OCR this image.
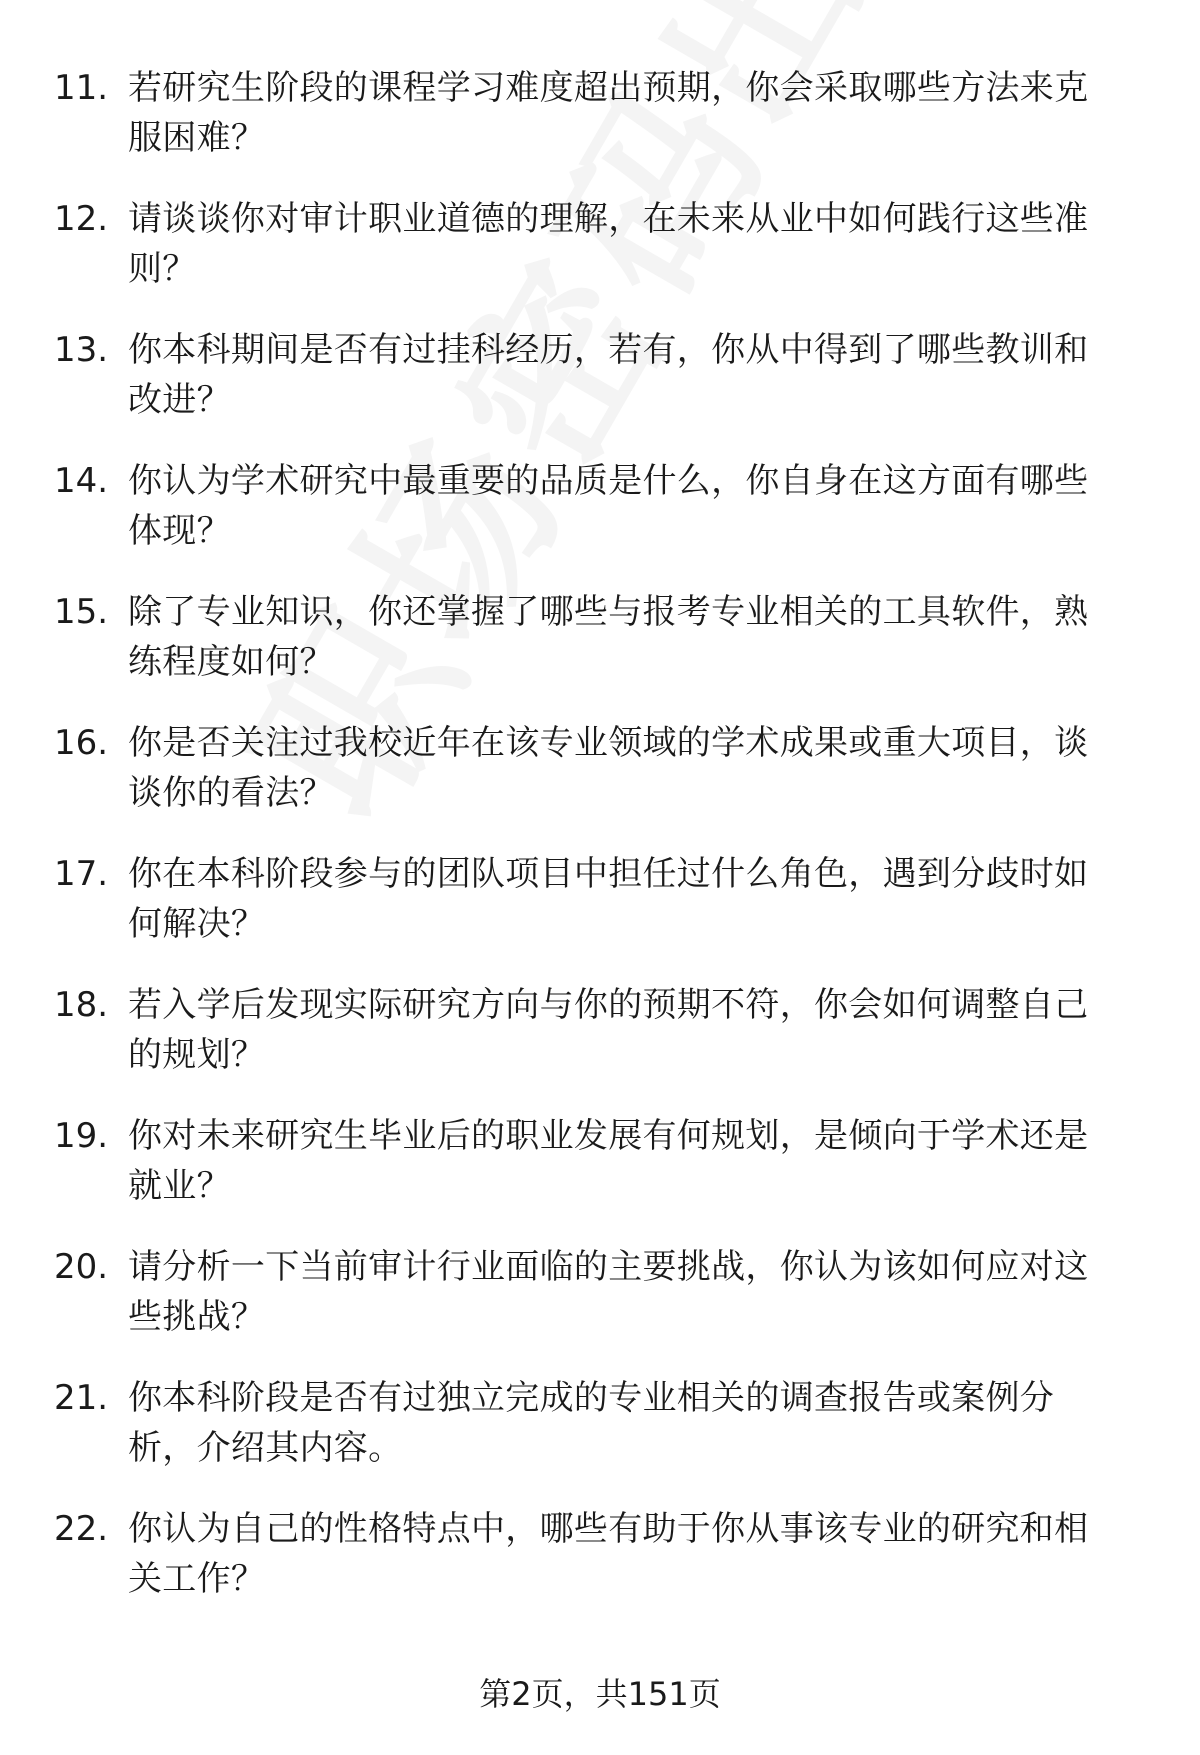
11. 若研究生阶段的课程学习难度超出预期，你会采取哪些方法来克
服困难？
12. 请谈谈你对审计职业道德的理解，在未来从业中如何践行这些准
则？
13. 你本科期间是否有过挂科经历，若有，你从中得到了哪些教训和
改进？
14. 你认为学术研究中最重要的品质是什么，你自身在这方面有哪些
体现？
15. 除了专业知识，你还掌握了哪些与报考专业相关的工具软件，熟
练程度如何？
16. 你是否关注过我校近年在该专业领域的学术成果或重大项目，谈
谈你的看法？
17. 你在本科阶段参与的团队项目中担任过什么角色，遇到分歧时如
何解决？
18. 若入学后发现实际研究方向与你的预期不符，你会如何调整自己
的规划？
19. 你对未来研究生毕业后的职业发展有何规划，是倾向于学术还是
就业？
20. 请分析一下当前审计行业面临的主要挑战，你认为该如何应对这
些挑战？
21. 你本科阶段是否有过独立完成的专业相关的调查报告或案例分
析，介绍其内容。
22. 你认为自己的性格特点中，哪些有助于你从事该专业的研究和相
关工作？
第2页，共151页
